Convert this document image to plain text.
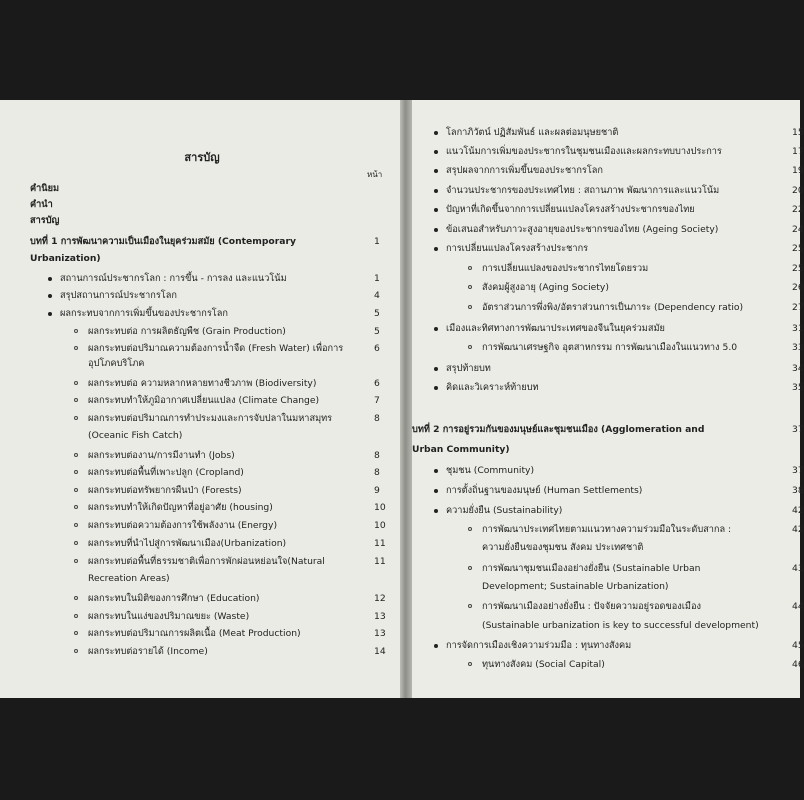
สารบัญ
หน้า
คำนิยม
คำนำ
สารบัญ
บทที่ 1 การพัฒนาความเป็นเมืองในยุคร่วมสมัย (Contemporary	1
Urbanization)
สถานการณ์ประชากรโลก : การขึ้น - การลง และแนวโน้ม	1
สรุปสถานการณ์ประชากรโลก	4
ผลกระทบจากการเพิ่มขึ้นของประชากรโลก	5
ผลกระทบต่อ การผลิตธัญพืช (Grain Production)	5
ผลกระทบต่อปริมาณความต้องการน้ำจืด (Fresh Water) เพื่อการ	6
อุปโภคบริโภค
ผลกระทบต่อ ความหลากหลายทางชีวภาพ (Biodiversity)	6
ผลกระทบทำให้ภูมิอากาศเปลี่ยนแปลง (Climate Change)	7
ผลกระทบต่อปริมาณการทำประมงและการจับปลาในมหาสมุทร	8
(Oceanic Fish Catch)
ผลกระทบต่องาน/การมีงานทำ (Jobs)	8
ผลกระทบต่อพื้นที่เพาะปลูก (Cropland)	8
ผลกระทบต่อทรัพยากรผืนป่า (Forests)	9
ผลกระทบทำให้เกิดปัญหาที่อยู่อาศัย (housing)	10
ผลกระทบต่อความต้องการใช้พลังงาน (Energy)	10
ผลกระทบที่นำไปสู่การพัฒนาเมือง(Urbanization)	11
ผลกระทบต่อพื้นที่ธรรมชาติเพื่อการพักผ่อนหย่อนใจ(Natural	11
Recreation Areas)
ผลกระทบในมิติของการศึกษา (Education)	12
ผลกระทบในแง่ของปริมาณขยะ (Waste)	13
ผลกระทบต่อปริมาณการผลิตเนื้อ (Meat Production)	13
ผลกระทบต่อรายได้ (Income)	14
โลกาภิวัตน์ ปฏิสัมพันธ์ และผลต่อมนุษยชาติ	15
แนวโน้มการเพิ่มของประชากรในชุมชนเมืองและผลกระทบบางประการ	17
สรุปผลจากการเพิ่มขึ้นของประชากรโลก	19
จำนวนประชากรของประเทศไทย : สถานภาพ พัฒนาการและแนวโน้ม	20
ปัญหาที่เกิดขึ้นจากการเปลี่ยนแปลงโครงสร้างประชากรของไทย	22
ข้อเสนอสำหรับภาวะสูงอายุของประชากรของไทย (Ageing Society)	24
การเปลี่ยนแปลงโครงสร้างประชากร	25
การเปลี่ยนแปลงของประชากรไทยโดยรวม	25
สังคมผู้สูงอายุ (Aging Society)	26
อัตราส่วนการพึ่งพิง/อัตราส่วนการเป็นภาระ (Dependency ratio)	27
เมืองและทิศทางการพัฒนาประเทศของจีนในยุคร่วมสมัย	31
การพัฒนาเศรษฐกิจ อุตสาหกรรม การพัฒนาเมืองในแนวทาง 5.0	33
สรุปท้ายบท	34
คิดและวิเคราะห์ท้ายบท	35
บทที่ 2 การอยู่รวมกันของมนุษย์และชุมชนเมือง (Agglomeration and	37
Urban Community)
ชุมชน (Community)	37
การตั้งถิ่นฐานของมนุษย์ (Human Settlements)	38
ความยั่งยืน (Sustainability)	42
การพัฒนาประเทศไทยตามแนวทางความร่วมมือในระดับสากล :	42
ความยั่งยืนของชุมชน สังคม ประเทศชาติ
การพัฒนาชุมชนเมืองอย่างยั่งยืน (Sustainable Urban	43
Development; Sustainable Urbanization)
การพัฒนาเมืองอย่างยั่งยืน : ปัจจัยความอยู่รอดของเมือง	44
(Sustainable urbanization is key to successful development)
การจัดการเมืองเชิงความร่วมมือ : ทุนทางสังคม	45
ทุนทางสังคม (Social Capital)	46
